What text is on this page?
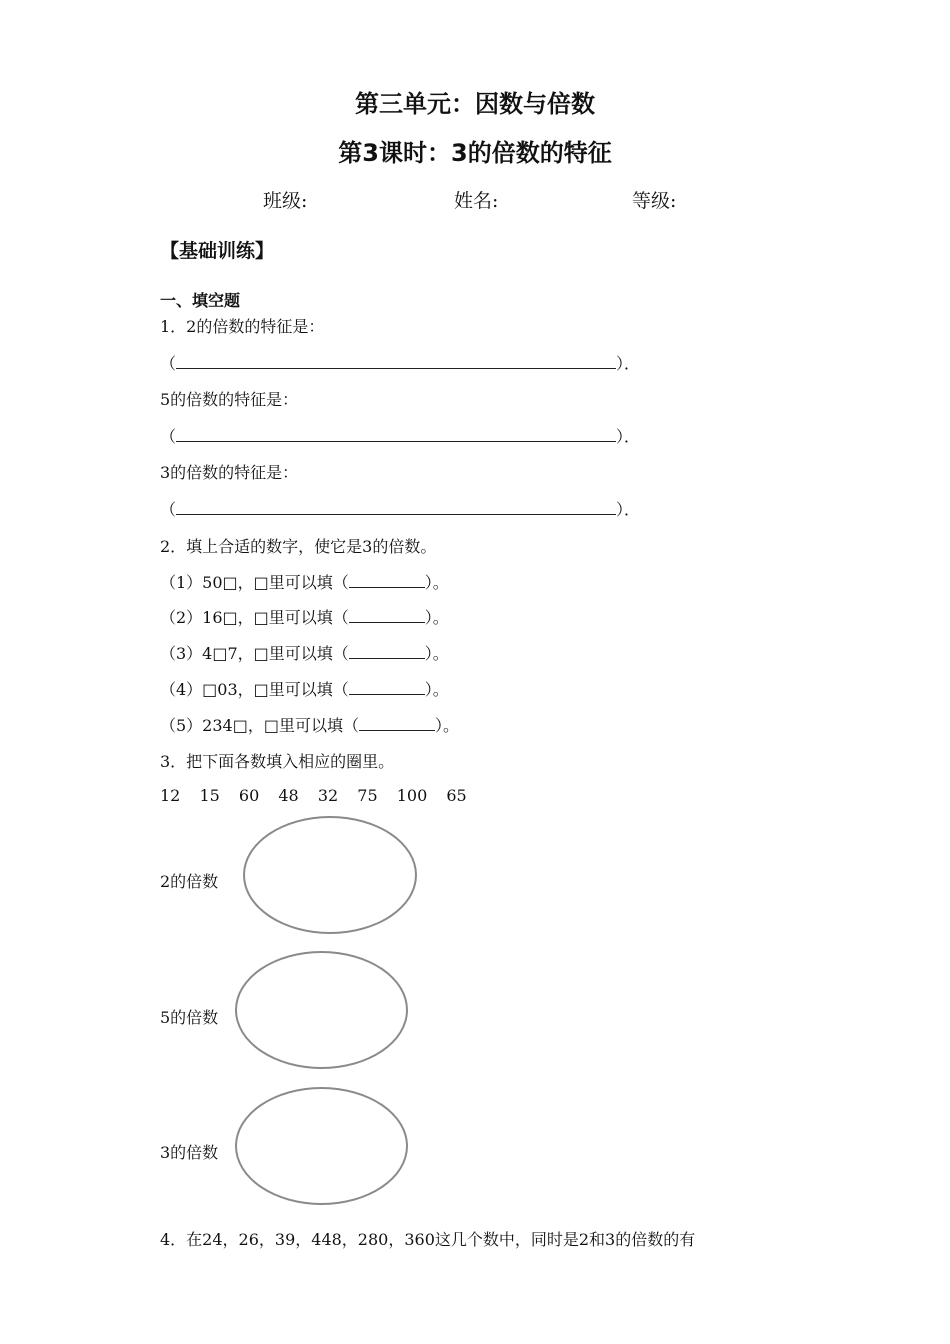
第三单元：因数与倍数
第3课时：3的倍数的特征
班级:	姓名:	等级:
【基础训练】
一、填空题
1．2的倍数的特征是：
（	）．
5的倍数的特征是：
（	）．
3的倍数的特征是：
（	）．
2．填上合适的数字，使它是3的倍数。
（1）50□，□里可以填（	）。
（2）16□，□里可以填（	）。
（3）4□7，□里可以填（	）。
（4）□03，□里可以填（	）。
（5）234□，□里可以填（	）。
3．把下面各数填入相应的圈里。
12 15 60 48 32 75 100 65
2的倍数
5的倍数
3的倍数
4．在24，26，39，448，280，360这几个数中，同时是2和3的倍数的有
